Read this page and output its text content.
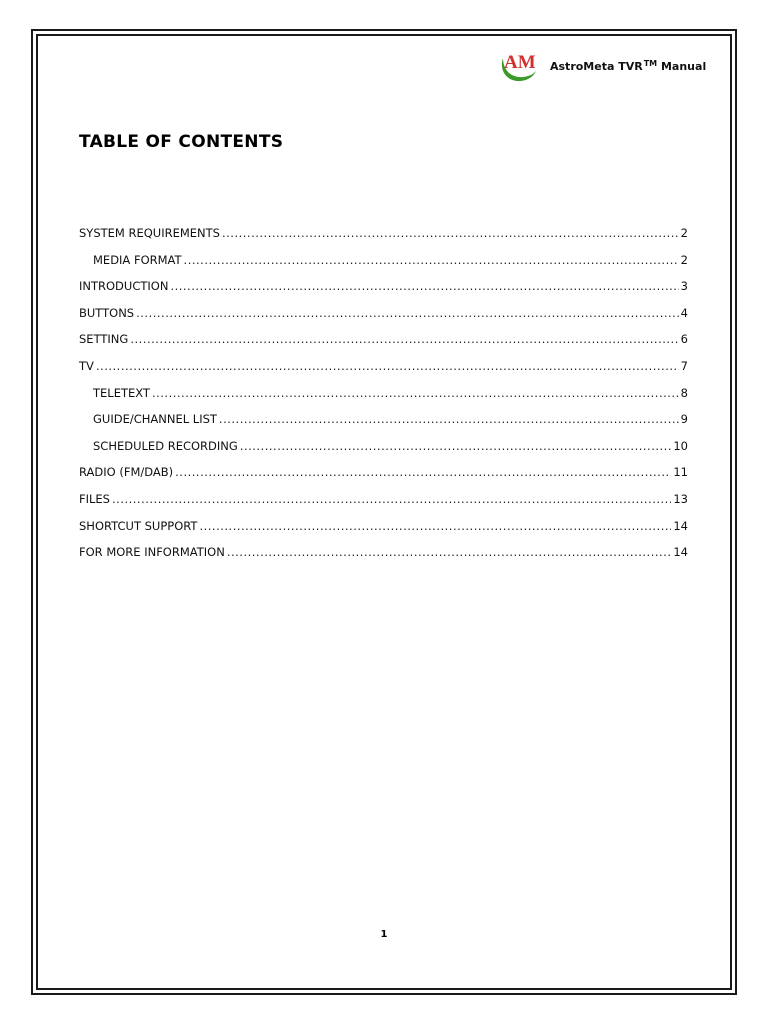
AM AstroMeta TVR™ Manual
TABLE OF CONTENTS
SYSTEM REQUIREMENTS .....	2
MEDIA FORMAT .....	2
INTRODUCTION .....	3
BUTTONS .....	4
SETTING .....	6
TV .....	7
TELETEXT .....	8
GUIDE/CHANNEL LIST .....	9
SCHEDULED RECORDING .....	10
RADIO (FM/DAB) .....	11
FILES .....	13
SHORTCUT SUPPORT .....	14
FOR MORE INFORMATION .....	14
1
